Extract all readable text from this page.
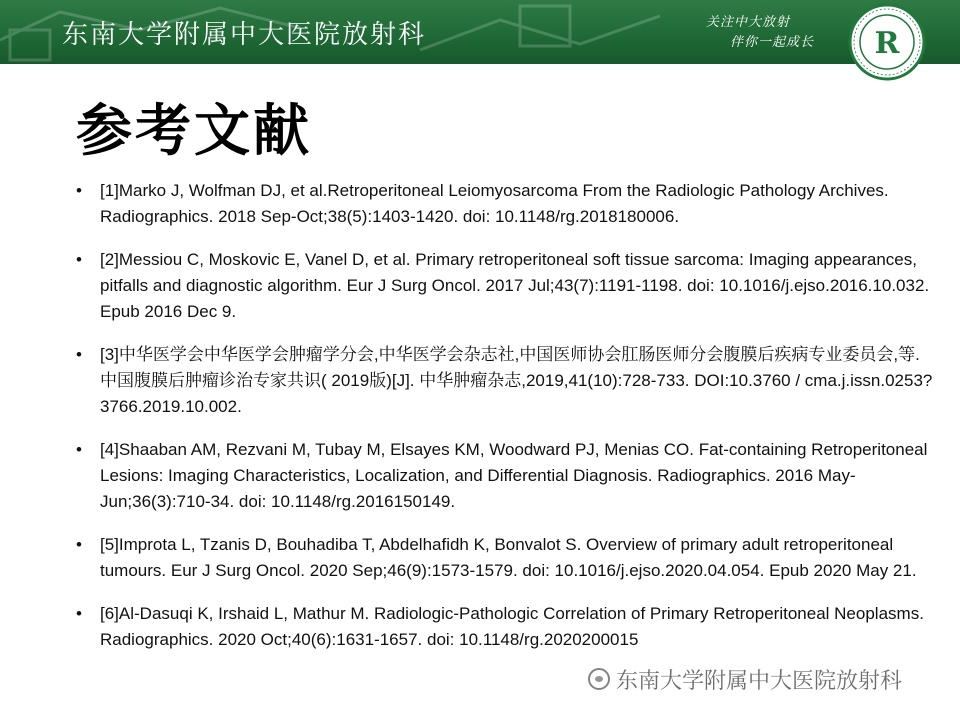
东南大学附属中大医院放射科	关注中大放射
伴你一起成长 R
参考文献
• [1]Marko J, Wolfman DJ, et al.Retroperitoneal Leiomyosarcoma From the Radiologic Pathology Archives. Radiographics. 2018 Sep-Oct;38(5):1403-1420. doi: 10.1148/rg.2018180006.
• [2]Messiou C, Moskovic E, Vanel D, et al. Primary retroperitoneal soft tissue sarcoma: Imaging appearances, pitfalls and diagnostic algorithm. Eur J Surg Oncol. 2017 Jul;43(7):1191-1198. doi: 10.1016/j.ejso.2016.10.032. Epub 2016 Dec 9.
• [3]中华医学会中华医学会肿瘤学分会,中华医学会杂志社,中国医师协会肛肠医师分会腹膜后疾病专业委员会,等. 中国腹膜后肿瘤诊治专家共识( 2019版)[J]. 中华肿瘤杂志,2019,41(10):728-733. DOI:10.3760 / cma.j.issn.0253?3766.2019.10.002.
• [4]Shaaban AM, Rezvani M, Tubay M, Elsayes KM, Woodward PJ, Menias CO. Fat-containing Retroperitoneal Lesions: Imaging Characteristics, Localization, and Differential Diagnosis. Radiographics. 2016 May-Jun;36(3):710-34. doi: 10.1148/rg.2016150149.
• [5]Improta L, Tzanis D, Bouhadiba T, Abdelhafidh K, Bonvalot S. Overview of primary adult retroperitoneal tumours. Eur J Surg Oncol. 2020 Sep;46(9):1573-1579. doi: 10.1016/j.ejso.2020.04.054. Epub 2020 May 21.
• [6]Al-Dasuqi K, Irshaid L, Mathur M. Radiologic-Pathologic Correlation of Primary Retroperitoneal Neoplasms. Radiographics. 2020 Oct;40(6):1631-1657. doi: 10.1148/rg.2020200015
东南大学附属中大医院放射科
